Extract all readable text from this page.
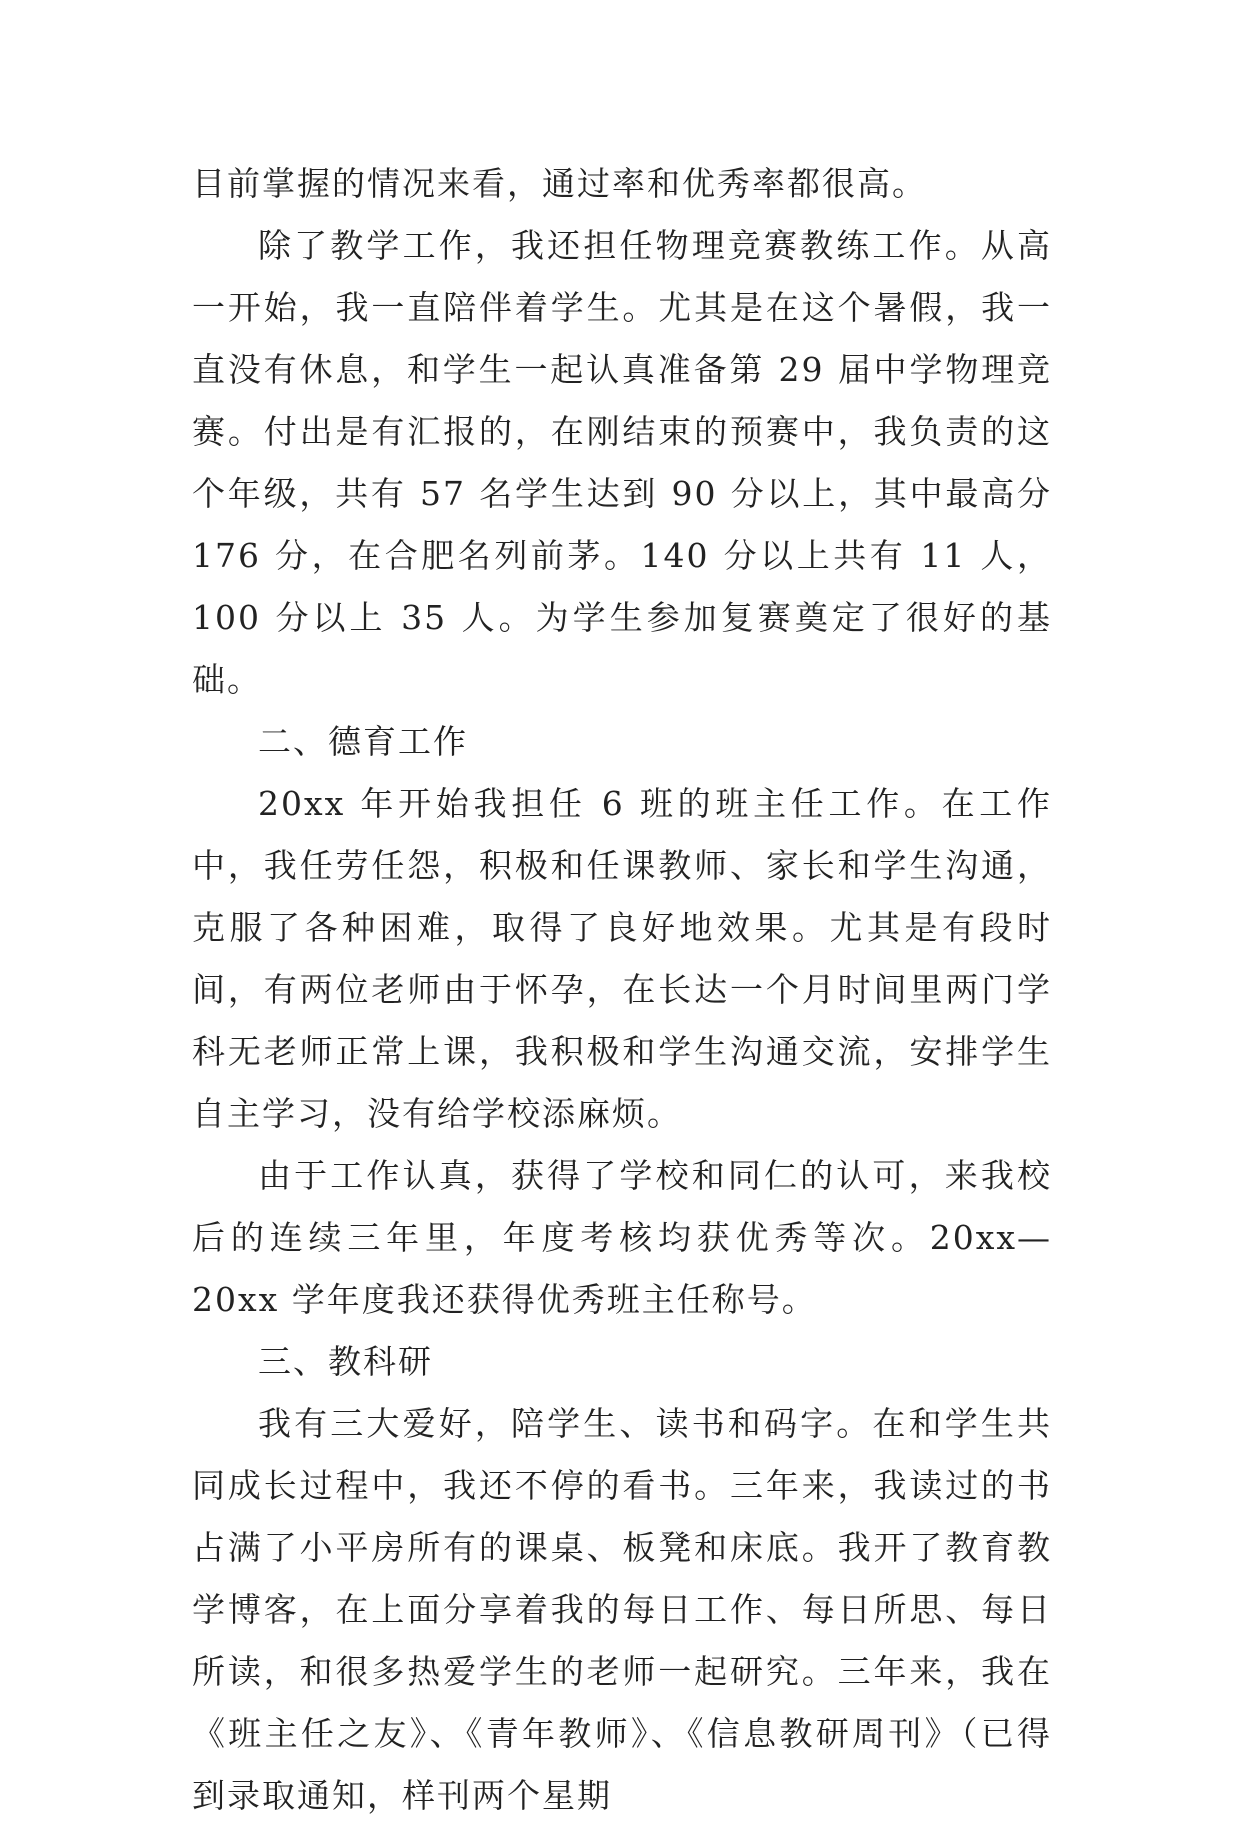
目前掌握的情况来看，通过率和优秀率都很高。

除了教学工作，我还担任物理竞赛教练工作。从高一开始，我一直陪伴着学生。尤其是在这个暑假，我一直没有休息，和学生一起认真准备第 29 届中学物理竞赛。付出是有汇报的，在刚结束的预赛中，我负责的这个年级，共有 57 名学生达到 90 分以上，其中最高分 176 分，在合肥名列前茅。140 分以上共有 11 人，100 分以上 35 人。为学生参加复赛奠定了很好的基础。

二、德育工作

20xx 年开始我担任 6 班的班主任工作。在工作中，我任劳任怨，积极和任课教师、家长和学生沟通，克服了各种困难，取得了良好地效果。尤其是有段时间，有两位老师由于怀孕，在长达一个月时间里两门学科无老师正常上课，我积极和学生沟通交流，安排学生自主学习，没有给学校添麻烦。

由于工作认真，获得了学校和同仁的认可，来我校后的连续三年里，年度考核均获优秀等次。20xx—20xx 学年度我还获得优秀班主任称号。

三、教科研

我有三大爱好，陪学生、读书和码字。在和学生共同成长过程中，我还不停的看书。三年来，我读过的书占满了小平房所有的课桌、板凳和床底。我开了教育教学博客，在上面分享着我的每日工作、每日所思、每日所读，和很多热爱学生的老师一起研究。三年来，我在《班主任之友》、《青年教师》、《信息教研周刊》（已得到录取通知，样刊两个星期
